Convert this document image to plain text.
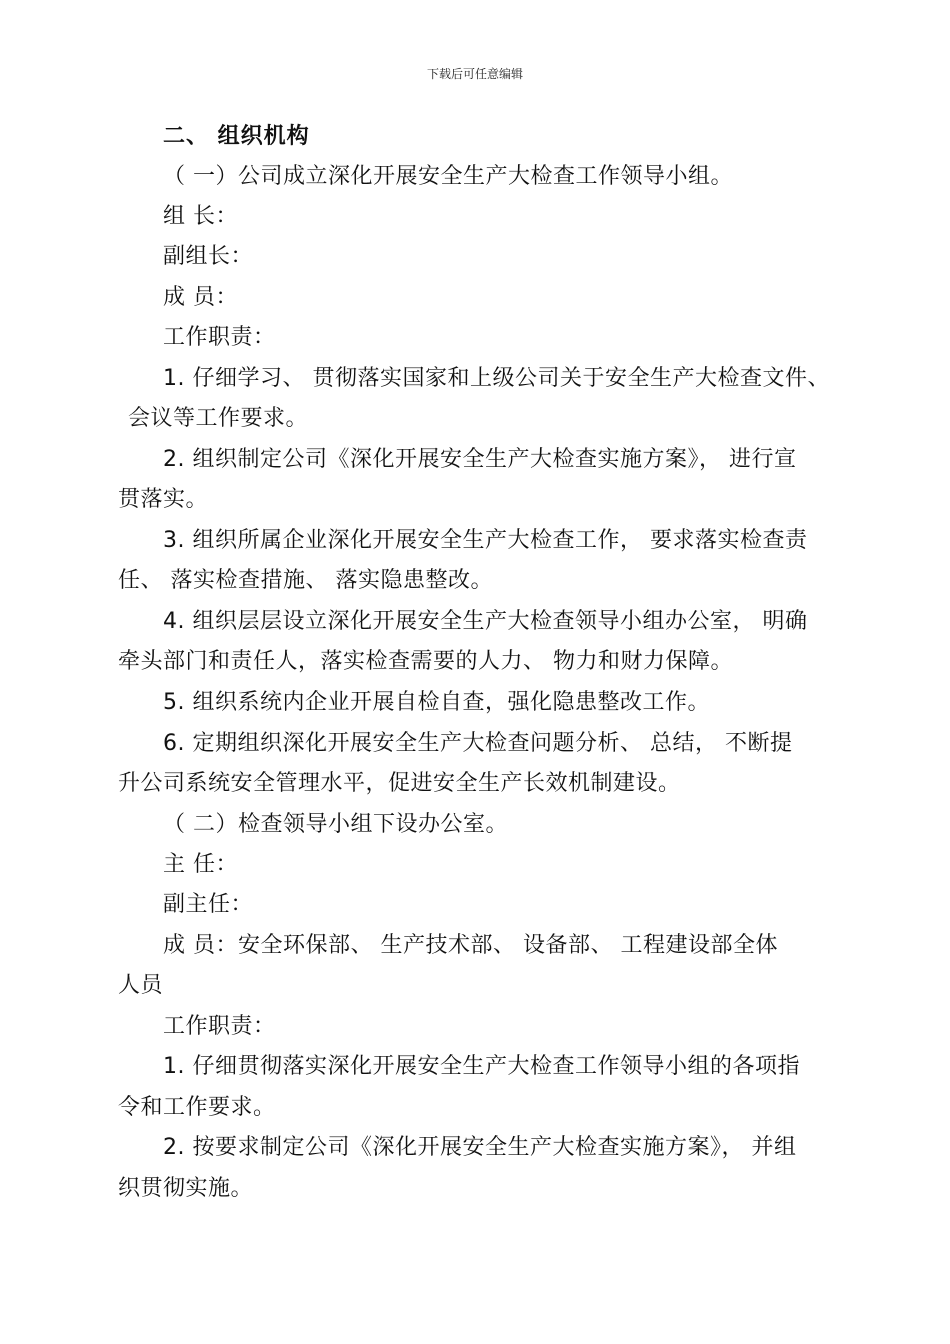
下载后可任意编辑
二、 组织机构
（ 一）公司成立深化开展安全生产大检查工作领导小组。
组 长：
副组长：
成 员：
工作职责：
1. 仔细学习、 贯彻落实国家和上级公司关于安全生产大检查文件、
会议等工作要求。
2. 组织制定公司《深化开展安全生产大检查实施方案》， 进行宣
贯落实。
3. 组织所属企业深化开展安全生产大检查工作， 要求落实检查责
任、 落实检查措施、 落实隐患整改。
4. 组织层层设立深化开展安全生产大检查领导小组办公室， 明确
牵头部门和责任人，落实检查需要的人力、 物力和财力保障。
5. 组织系统内企业开展自检自查，强化隐患整改工作。
6. 定期组织深化开展安全生产大检查问题分析、 总结， 不断提
升公司系统安全管理水平，促进安全生产长效机制建设。
（ 二）检查领导小组下设办公室。
主 任：
副主任：
成 员：安全环保部、 生产技术部、 设备部、 工程建设部全体
人员
工作职责：
1. 仔细贯彻落实深化开展安全生产大检查工作领导小组的各项指
令和工作要求。
2. 按要求制定公司《深化开展安全生产大检查实施方案》， 并组
织贯彻实施。
